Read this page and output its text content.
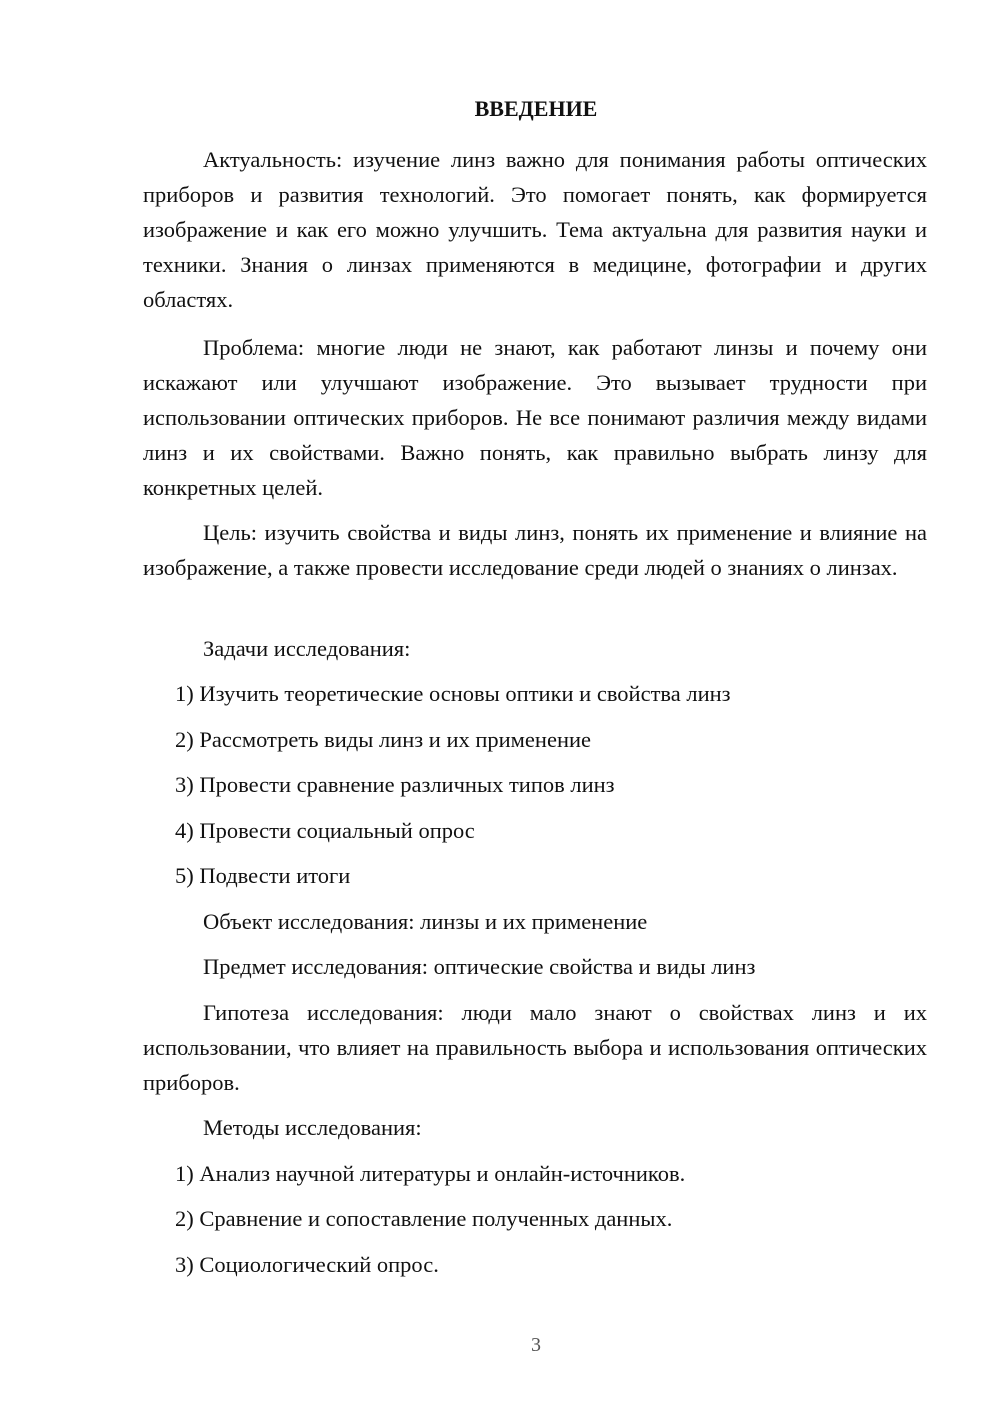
ВВЕДЕНИЕ

Актуальность: изучение линз важно для понимания работы оптических приборов и развития технологий. Это помогает понять, как формируется изображение и как его можно улучшить. Тема актуальна для развития науки и техники. Знания о линзах применяются в медицине, фотографии и других областях.

Проблема: многие люди не знают, как работают линзы и почему они искажают или улучшают изображение. Это вызывает трудности при использовании оптических приборов. Не все понимают различия между видами линз и их свойствами. Важно понять, как правильно выбрать линзу для конкретных целей.

Цель: изучить свойства и виды линз, понять их применение и влияние на изображение, а также провести исследование среди людей о знаниях о линзах.

Задачи исследования:

1) Изучить теоретические основы оптики и свойства линз

2) Рассмотреть виды линз и их применение

3) Провести сравнение различных типов линз

4) Провести социальный опрос

5) Подвести итоги

Объект исследования: линзы и их применение

Предмет исследования: оптические свойства и виды линз

Гипотеза исследования: люди мало знают о свойствах линз и их использовании, что влияет на правильность выбора и использования оптических приборов.

Методы исследования:

1) Анализ научной литературы и онлайн-источников.

2) Сравнение и сопоставление полученных данных.

3) Социологический опрос.

3
